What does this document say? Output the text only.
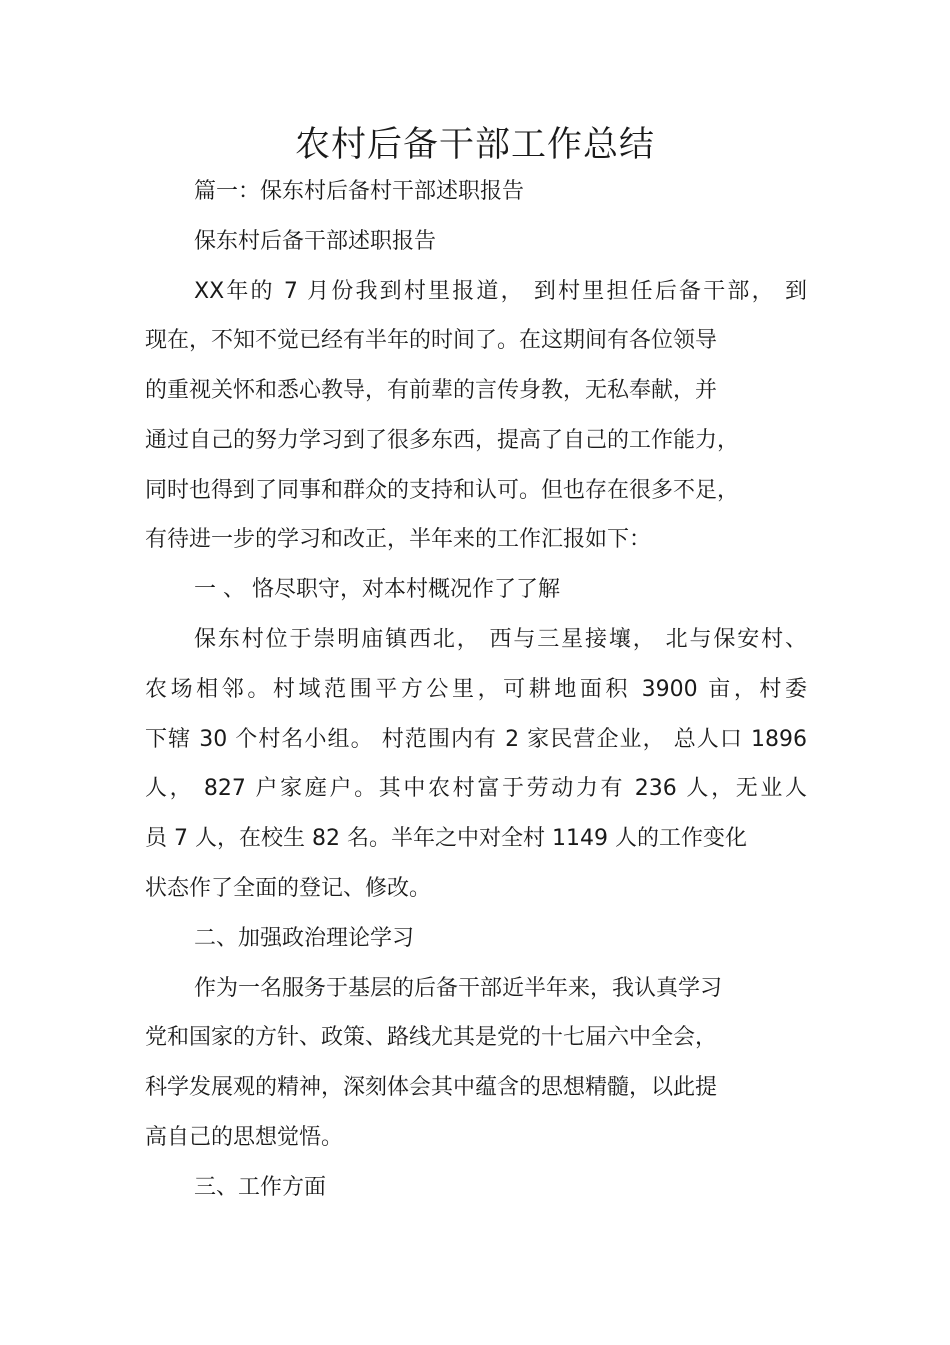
农村后备干部工作总结

篇一：保东村后备村干部述职报告

保东村后备干部述职报告

XX年的 7 月份我到村里报道， 到村里担任后备干部， 到

现在，不知不觉已经有半年的时间了。在这期间有各位领导

的重视关怀和悉心教导，有前辈的言传身教，无私奉献，并

通过自己的努力学习到了很多东西，提高了自己的工作能力，

同时也得到了同事和群众的支持和认可。但也存在很多不足，

有待进一步的学习和改正，半年来的工作汇报如下：

一 、 恪尽职守，对本村概况作了了解

保东村位于崇明庙镇西北， 西与三星接壤， 北与保安村、

农场相邻。村域范围平方公里，可耕地面积 3900 亩，村委

下辖 30 个村名小组。 村范围内有 2 家民营企业， 总人口 1896

人， 827 户家庭户。其中农村富于劳动力有 236 人，无业人

员 7 人，在校生 82 名。半年之中对全村 1149 人的工作变化

状态作了全面的登记、修改。

二、加强政治理论学习

作为一名服务于基层的后备干部近半年来，我认真学习

党和国家的方针、政策、路线尤其是党的十七届六中全会，

科学发展观的精神，深刻体会其中蕴含的思想精髓，以此提

高自己的思想觉悟。

三、工作方面
